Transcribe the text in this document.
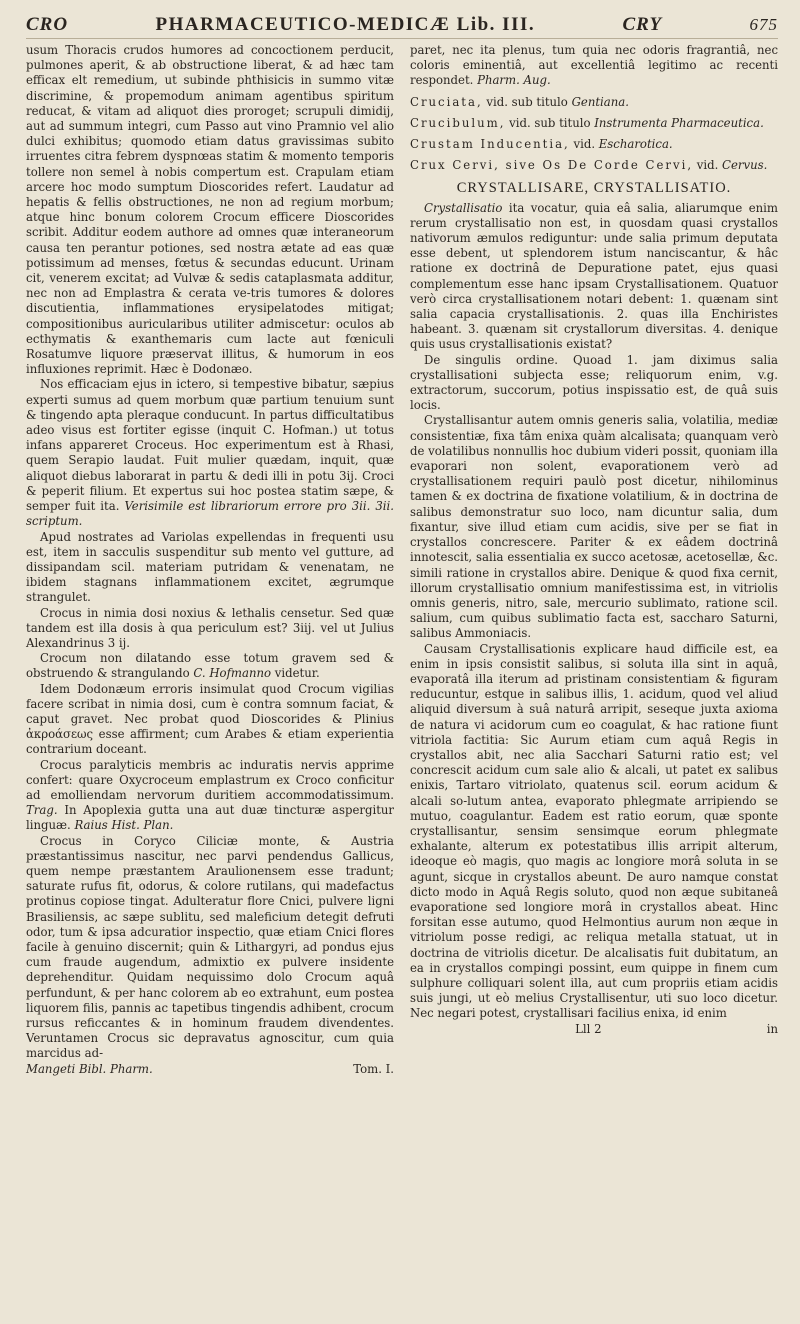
CRO	PHARMACEUTICO-MEDICÆ Lib. III.	CRY	675

usum Thoracis crudos humores ad concoctionem perducit, pulmones aperit, & ab obstructione liberat, & ad hæc tam efficax elt remedium, ut subinde phthisicis in summo vitæ discrimine, & propemodum animam agentibus spiritum reducat, & vitam ad aliquot dies proroget; scrupuli dimidij, aut ad summum integri, cum Passo aut vino Pramnio vel alio dulci exhibitus; quomodo etiam datus gravissimas subito irruentes citra febrem dyspnœas statim & momento temporis tollere non semel à nobis compertum est. Crapulam etiam arcere hoc modo sumptum Dioscorides refert. Laudatur ad hepatis & fellis obstructiones, ne non ad regium morbum; atque hinc bonum colorem Crocum efficere Dioscorides scribit. Additur eodem authore ad omnes quæ interaneorum causa ten perantur potiones, sed nostra ætate ad eas quæ potissimum ad menses, fœtus & secundas educunt. Urinam cit, venerem excitat; ad Vulvæ & sedis cataplasmata additur, nec non ad Emplastra & cerata ve-tris tumores & dolores discutientia, inflammationes erysipelatodes mitigat; compositionibus auricularibus utiliter admiscetur: oculos ab ecthymatis & exanthemaris cum lacte aut fœniculi Rosatumve liquore præservat illitus, & humorum in eos influxiones reprimit. Hæc è Dodonæo.

Nos efficaciam ejus in ictero, si tempestive bibatur, sæpius experti sumus ad quem morbum quæ partium tenuium sunt & tingendo apta pleraque conducunt. In partus difficultatibus adeo visus est fortiter egisse (inquit C. Hofman.) ut totus infans appareret Croceus. Hoc experimentum est à Rhasi, quem Serapio laudat. Fuit mulier quædam, inquit, quæ aliquot diebus laborarat in partu & dedi illi in potu 3ij. Croci & peperit filium. Et expertus sui hoc postea statim sæpe, & semper fuit ita. Verisimile est librariorum errore pro 3ii. 3ii. scriptum.

Apud nostrates ad Variolas expellendas in frequenti usu est, item in sacculis suspenditur sub mento vel gutture, ad dissipandam scil. materiam putridam & venenatam, ne ibidem stagnans inflammationem excitet, ægrumque strangulet.

Crocus in nimia dosi noxius & lethalis censetur. Sed quæ tandem est illa dosis à qua periculum est? 3iij. vel ut Julius Alexandrinus 3 ij.

Crocum non dilatando esse totum gravem sed & obstruendo & strangulando C. Hofmanno videtur.

Idem Dodonæum erroris insimulat quod Crocum vigilias facere scribat in nimia dosi, cum è contra somnum faciat, & caput gravet. Nec probat quod Dioscorides & Plinius ἀκροάσεως esse affirment; cum Arabes & etiam experientia contrarium doceant.

Crocus paralyticis membris ac induratis nervis apprime confert: quare Oxycroceum emplastrum ex Croco conficitur ad emolliendam nervorum duritiem accommodatissimum. Trag. In Apoplexia gutta una aut duæ tincturæ aspergitur linguæ. Raius Hist. Plan.

Crocus in Coryco Ciliciæ monte, & Austria præstantissimus nascitur, nec parvi pendendus Gallicus, quem nempe præstantem Araulionensem esse tradunt; saturate rufus fit, odorus, & colore rutilans, qui madefactus protinus copiose tingat. Adulteratur flore Cnici, pulvere ligni Brasiliensis, ac sæpe sublitu, sed maleficium detegit defruti odor, tum & ipsa adcuratior inspectio, quæ etiam Cnici flores facile à genuino discernit; quin & Lithargyri, ad pondus ejus cum fraude augendum, admixtio ex pulvere insidente deprehenditur. Quidam nequissimo dolo Crocum aquâ perfundunt, & per hanc colorem ab eo extrahunt, eum postea liquorem filis, pannis ac tapetibus tingendis adhibent, crocum rursus reficcantes & in hominum fraudem divendentes. Veruntamen Crocus sic depravatus agnoscitur, cum quia marcidus ad-

Mangeti Bibl. Pharm.	Tom. I.

paret, nec ita plenus, tum quia nec odoris fragrantiâ, nec coloris eminentiâ, aut excellentiâ legitimo ac recenti respondet. Pharm. Aug.

Cruciata, vid. sub titulo Gentiana.
Crucibulum, vid. sub titulo Instrumenta Pharmaceutica.
Crustam Inducentia, vid. Escharotica.
Crux Cervi, sive Os De Corde Cervi, vid. Cervus.
CRYSTALLISARE, CRYSTALLISATIO.

Crystallisatio ita vocatur, quia eâ salia, aliarumque enim rerum crystallisatio non est, in quosdam quasi crystallos nativorum æmulos rediguntur: unde salia primum deputata esse debent, ut splendorem istum nanciscantur, & hâc ratione ex doctrinâ de Depuratione patet, ejus quasi complementum esse hanc ipsam Crystallisationem. Quatuor verò circa crystallisationem notari debent: 1. quænam sint salia capacia crystallisationis. 2. quas illa Enchiristes habeant. 3. quænam sit crystallorum diversitas. 4. denique quis usus crystallisationis existat?

De singulis ordine. Quoad 1. jam diximus salia crystallisationi subjecta esse; reliquorum enim, v.g. extractorum, succorum, potius inspissatio est, de quâ suis locis.

Crystallisantur autem omnis generis salia, volatilia, mediæ consistentiæ, fixa tâm enixa quàm alcalisata; quanquam verò de volatilibus nonnullis hoc dubium videri possit, quoniam illa evaporari non solent, evaporationem verò ad crystallisationem requiri paulò post dicetur, nihilominus tamen & ex doctrina de fixatione volatilium, & in doctrina de salibus demonstratur suo loco, nam dicuntur salia, dum fixantur, sive illud etiam cum acidis, sive per se fiat in crystallos concrescere. Pariter & ex eâdem doctrinâ innotescit, salia essentialia ex succo acetosæ, acetosellæ, &c. simili ratione in crystallos abire. Denique & quod fixa cernit, illorum crystallisatio omnium manifestissima est, in vitriolis omnis generis, nitro, sale, mercurio sublimato, ratione scil. salium, cum quibus sublimatio facta est, saccharo Saturni, salibus Ammoniacis.

Causam Crystallisationis explicare haud difficile est, ea enim in ipsis consistit salibus, si soluta illa sint in aquâ, evaporatâ illa iterum ad pristinam consistentiam & figuram reducuntur, estque in salibus illis, 1. acidum, quod vel aliud aliquid diversum à suâ naturâ arripit, seseque juxta axioma de natura vi acidorum cum eo coagulat, & hac ratione fiunt vitriola factitia: Sic Aurum etiam cum aquâ Regis in crystallos abit, nec alia Sacchari Saturni ratio est; vel concrescit acidum cum sale alio & alcali, ut patet ex salibus enixis, Tartaro vitriolato, quatenus scil. eorum acidum & alcali so-lutum antea, evaporato phlegmate arripiendo se mutuo, coagulantur. Eadem est ratio eorum, quæ sponte crystallisantur, sensim sensimque eorum phlegmate exhalante, alterum ex potestatibus illis arripit alterum, ideoque eò magis, quo magis ac longiore morâ soluta in se agunt, sicque in crystallos abeunt. De auro namque constat dicto modo in Aquâ Regis soluto, quod non æque subitaneâ evaporatione sed longiore morâ in crystallos abeat. Hinc forsitan esse autumo, quod Helmontius aurum non æque in vitriolum posse redigi, ac reliqua metalla statuat, ut in doctrina de vitriolis dicetur. De alcalisatis fuit dubitatum, an ea in crystallos compingi possint, eum quippe in finem cum sulphure colliquari solent illa, aut cum propriis etiam acidis suis jungi, ut eò melius Crystallisentur, uti suo loco dicetur. Nec negari potest, crystallisari facilius enixa, id enim

Lll 2	in
